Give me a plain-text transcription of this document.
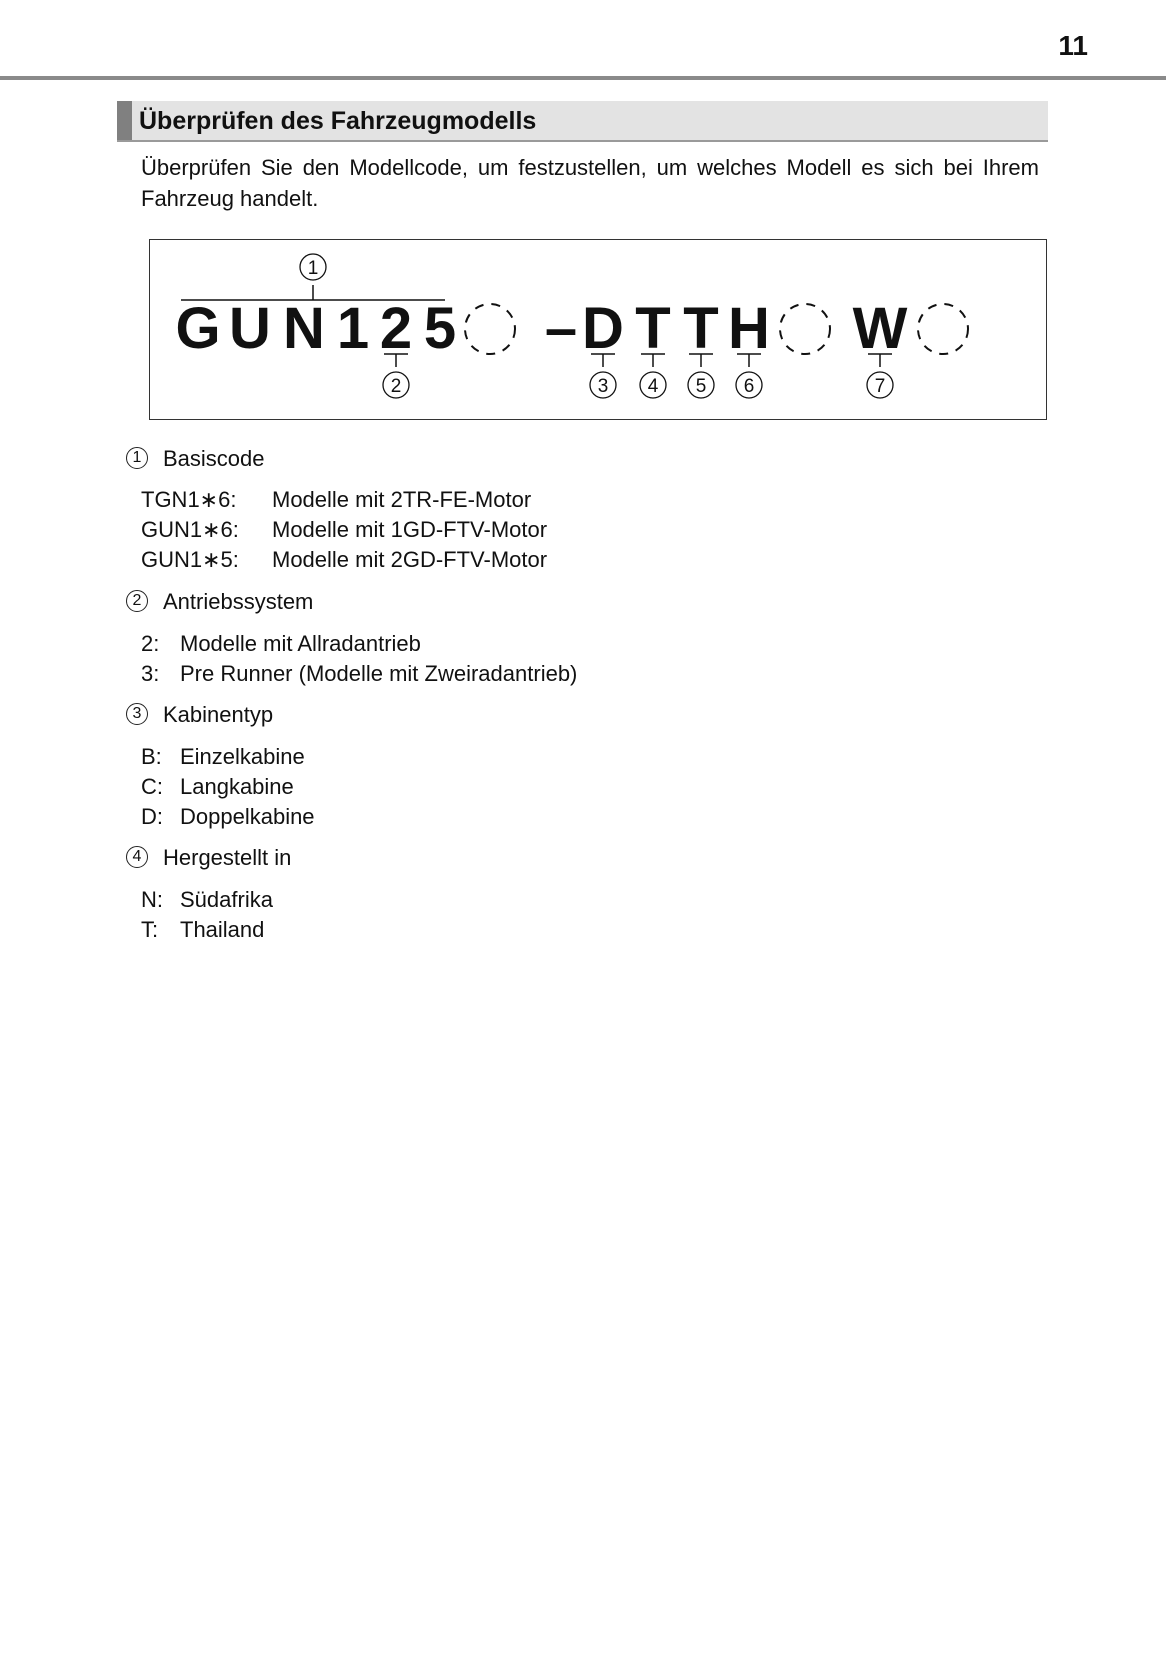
11
Überprüfen des Fahrzeugmodells
Überprüfen Sie den Modellcode, um festzustellen, um welches Modell es sich bei Ihrem Fahrzeug handelt.
G U N 1 2 5 – D T T H W
1
2	3 4 5 6	7
1 Basiscode
TGN1∗6: Modelle mit 2TR-FE-Motor
GUN1∗6: Modelle mit 1GD-FTV-Motor
GUN1∗5: Modelle mit 2GD-FTV-Motor
2 Antriebssystem
2: Modelle mit Allradantrieb
3: Pre Runner (Modelle mit Zweiradantrieb)
3 Kabinentyp
B: Einzelkabine
C: Langkabine
D: Doppelkabine
4 Hergestellt in
N: Südafrika
T: Thailand
